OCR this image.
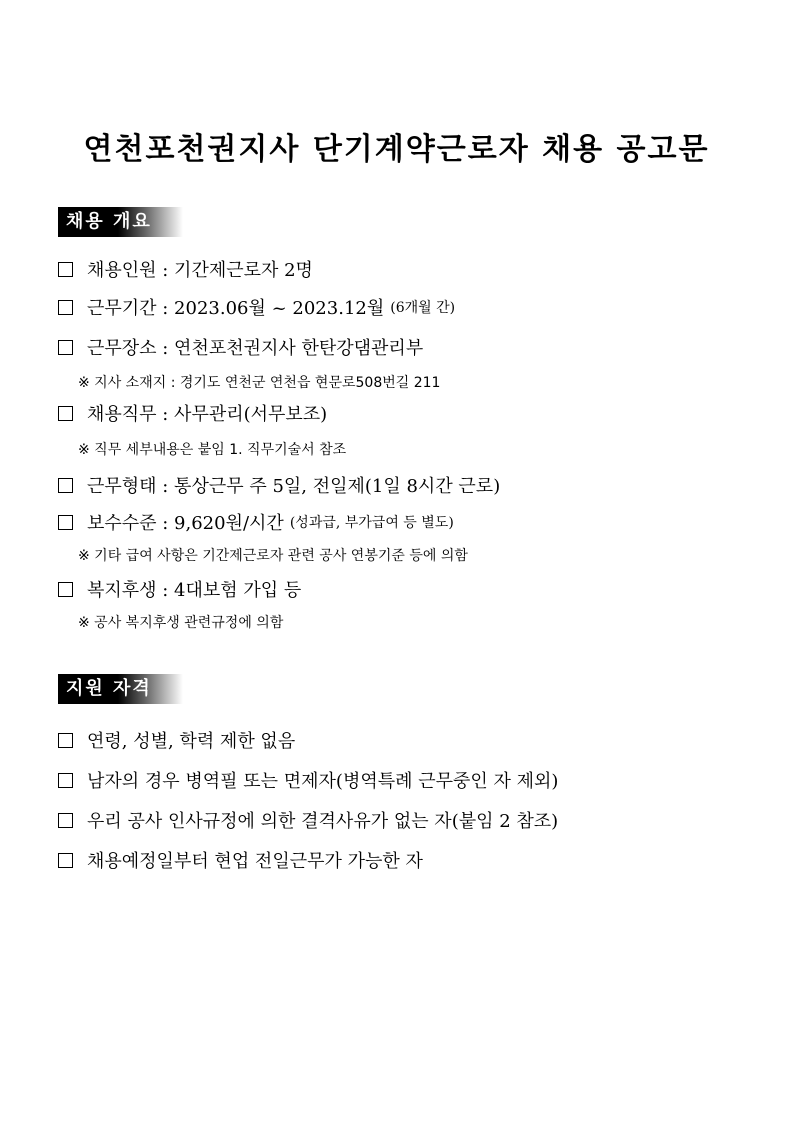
연천포천권지사 단기계약근로자 채용 공고문
채용 개요
채용인원 : 기간제근로자 2명
근무기간 : 2023.06월 ~ 2023.12월 (6개월 간)
근무장소 : 연천포천권지사 한탄강댐관리부
※ 지사 소재지 : 경기도 연천군 연천읍 현문로508번길 211
채용직무 : 사무관리(서무보조)
※ 직무 세부내용은 붙임 1. 직무기술서 참조
근무형태 : 통상근무 주 5일, 전일제(1일 8시간 근로)
보수수준 : 9,620원/시간 (성과급, 부가급여 등 별도)
※ 기타 급여 사항은 기간제근로자 관련 공사 연봉기준 등에 의함
복지후생 : 4대보험 가입 등
※ 공사 복지후생 관련규정에 의함
지원 자격
연령, 성별, 학력 제한 없음
남자의 경우 병역필 또는 면제자(병역특례 근무중인 자 제외)
우리 공사 인사규정에 의한 결격사유가 없는 자(붙임 2 참조)
채용예정일부터 현업 전일근무가 가능한 자
